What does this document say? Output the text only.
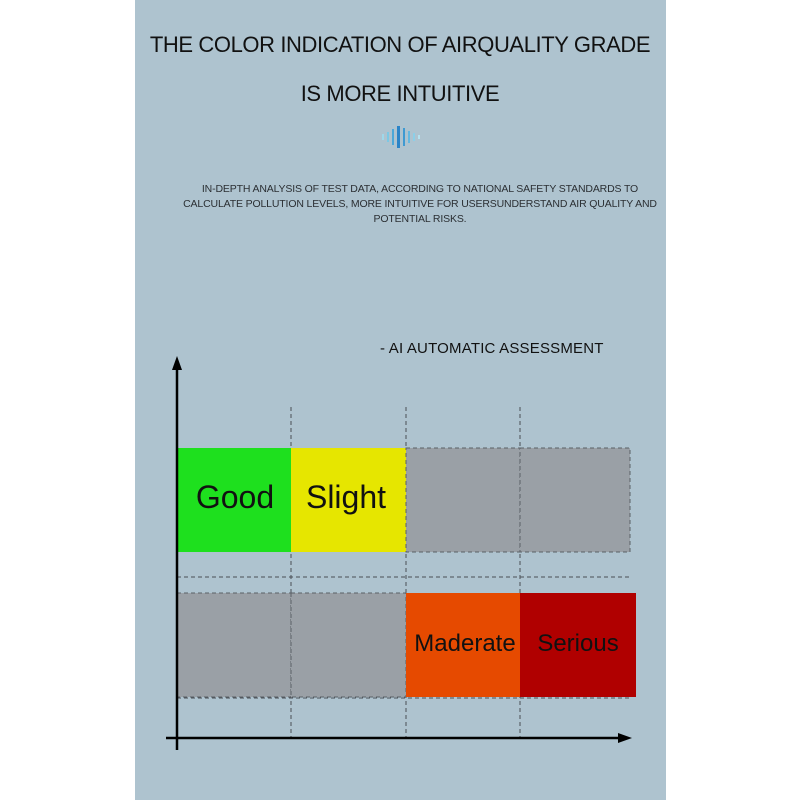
THE COLOR INDICATION OF AIRQUALITY GRADE
IS MORE INTUITIVE
IN-DEPTH ANALYSIS OF TEST DATA, ACCORDING TO NATIONAL SAFETY STANDARDS TO CALCULATE POLLUTION LEVELS, MORE INTUITIVE FOR USERSUNDERSTAND AIR QUALITY AND POTENTIAL RISKS.
- AI AUTOMATIC ASSESSMENT
Good Slight
Maderate Serious
